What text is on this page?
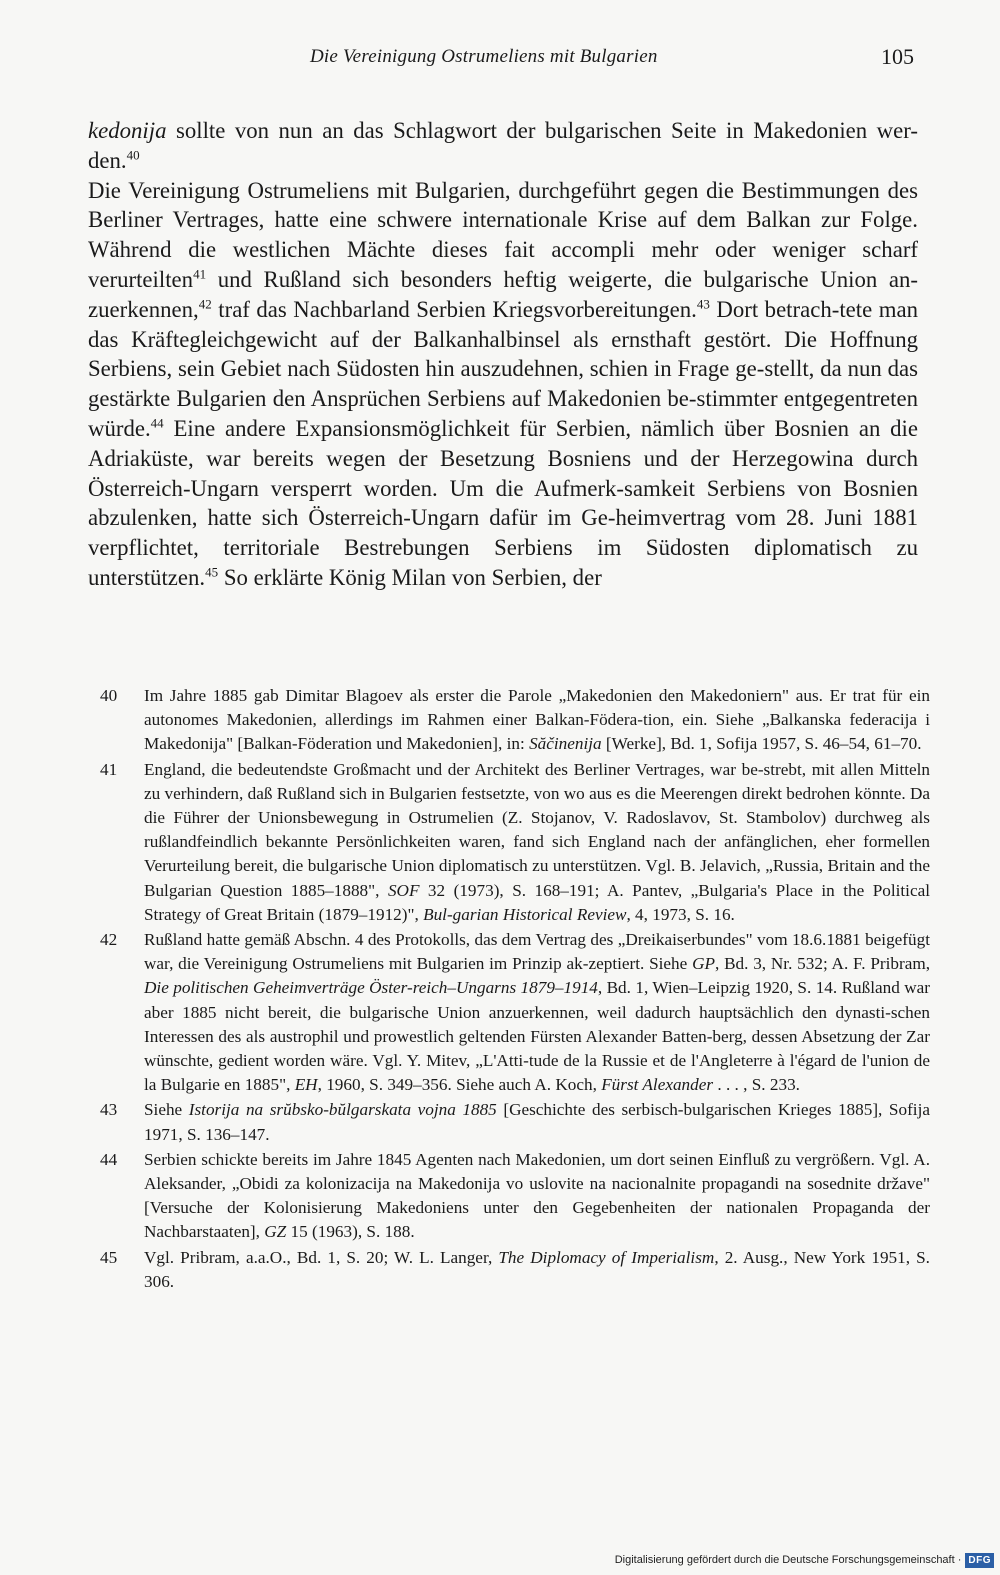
Die Vereinigung Ostrumeliens mit Bulgarien	105

kedonija sollte von nun an das Schlagwort der bulgarischen Seite in Makedonien wer-den.$^{40}$

Die Vereinigung Ostrumeliens mit Bulgarien, durchgeführt gegen die Bestimmungen des Berliner Vertrages, hatte eine schwere internationale Krise auf dem Balkan zur Folge. Während die westlichen Mächte dieses fait accompli mehr oder weniger scharf verurteilten$^{41}$ und Rußland sich besonders heftig weigerte, die bulgarische Union an-zuerkennen,$^{42}$ traf das Nachbarland Serbien Kriegsvorbereitungen.$^{43}$ Dort betrach-tete man das Kräftegleichgewicht auf der Balkanhalbinsel als ernsthaft gestört. Die Hoffnung Serbiens, sein Gebiet nach Südosten hin auszudehnen, schien in Frage ge-stellt, da nun das gestärkte Bulgarien den Ansprüchen Serbiens auf Makedonien be-stimmter entgegentreten würde.$^{44}$ Eine andere Expansionsmöglichkeit für Serbien, nämlich über Bosnien an die Adriaküste, war bereits wegen der Besetzung Bosniens und der Herzegowina durch Österreich-Ungarn versperrt worden. Um die Aufmerk-samkeit Serbiens von Bosnien abzulenken, hatte sich Österreich-Ungarn dafür im Ge-heimvertrag vom 28. Juni 1881 verpflichtet, territoriale Bestrebungen Serbiens im Südosten diplomatisch zu unterstützen.$^{45}$ So erklärte König Milan von Serbien, der

40	Im Jahre 1885 gab Dimitar Blagoev als erster die Parole „Makedonien den Makedoniern" aus. Er trat für ein autonomes Makedonien, allerdings im Rahmen einer Balkan-Födera-tion, ein. Siehe „Balkanska federacija i Makedonija" [Balkan-Föderation und Makedonien], in: Săčinenija [Werke], Bd. 1, Sofija 1957, S. 46–54, 61–70.
41	England, die bedeutendste Großmacht und der Architekt des Berliner Vertrages, war be-strebt, mit allen Mitteln zu verhindern, daß Rußland sich in Bulgarien festsetzte, von wo aus es die Meerengen direkt bedrohen könnte. Da die Führer der Unionsbewegung in Ostrumelien (Z. Stojanov, V. Radoslavov, St. Stambolov) durchweg als rußlandfeindlich bekannte Persönlichkeiten waren, fand sich England nach der anfänglichen, eher formellen Verurteilung bereit, die bulgarische Union diplomatisch zu unterstützen. Vgl. B. Jelavich, „Russia, Britain and the Bulgarian Question 1885–1888", SOF 32 (1973), S. 168–191; A. Pantev, „Bulgaria's Place in the Political Strategy of Great Britain (1879–1912)", Bul-garian Historical Review, 4, 1973, S. 16.
42	Rußland hatte gemäß Abschn. 4 des Protokolls, das dem Vertrag des „Dreikaiserbundes" vom 18.6.1881 beigefügt war, die Vereinigung Ostrumeliens mit Bulgarien im Prinzip ak-zeptiert. Siehe GP, Bd. 3, Nr. 532; A. F. Pribram, Die politischen Geheimverträge Öster-reich–Ungarns 1879–1914, Bd. 1, Wien–Leipzig 1920, S. 14. Rußland war aber 1885 nicht bereit, die bulgarische Union anzuerkennen, weil dadurch hauptsächlich den dynasti-schen Interessen des als austrophil und prowestlich geltenden Fürsten Alexander Batten-berg, dessen Absetzung der Zar wünschte, gedient worden wäre. Vgl. Y. Mitev, „L'Atti-tude de la Russie et de l'Angleterre à l'égard de l'union de la Bulgarie en 1885", EH, 1960, S. 349–356. Siehe auch A. Koch, Fürst Alexander . . . , S. 233.
43	Siehe Istorija na srŭbsko-bŭlgarskata vojna 1885 [Geschichte des serbisch-bulgarischen Krieges 1885], Sofija 1971, S. 136–147.
44	Serbien schickte bereits im Jahre 1845 Agenten nach Makedonien, um dort seinen Einfluß zu vergrößern. Vgl. A. Aleksander, „Obidi za kolonizacija na Makedonija vo uslovite na nacionalnite propagandi na sosednite države" [Versuche der Kolonisierung Makedoniens unter den Gegebenheiten der nationalen Propaganda der Nachbarstaaten], GZ 15 (1963), S. 188.
45	Vgl. Pribram, a.a.O., Bd. 1, S. 20; W. L. Langer, The Diplomacy of Imperialism, 2. Ausg., New York 1951, S. 306.
Digitalisierung gefördert durch die Deutsche Forschungsgemeinschaft · DFG
